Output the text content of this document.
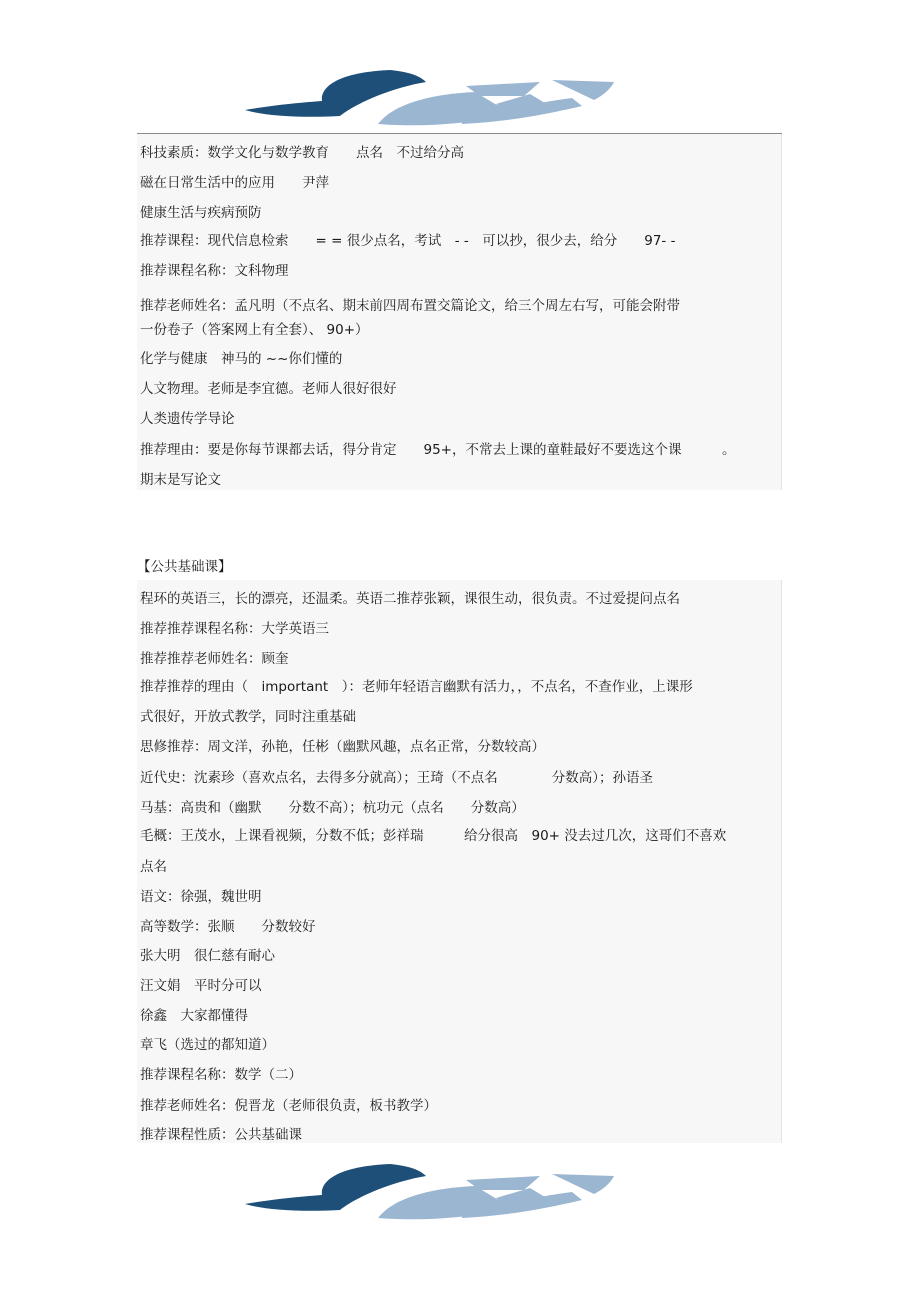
科技素质：数学文化与数学教育　　点名　不过给分高

磁在日常生活中的应用　　尹萍

健康生活与疾病预防

推荐课程：现代信息检索　　= = 很少点名，考试　- -　可以抄，很少去，给分　　97- -

推荐课程名称：文科物理

推荐老师姓名：孟凡明（不点名、期末前四周布置交篇论文，给三个周左右写，可能会附带

一份卷子（答案网上有全套）、 90+）

化学与健康　神马的 ~~你们懂的

人文物理。老师是李宜德。老师人很好很好

人类遗传学导论

推荐理由：要是你每节课都去话，得分肯定　　95+，不常去上课的童鞋最好不要选这个课　　　。

期末是写论文

【公共基础课】

程环的英语三，长的漂亮，还温柔。英语二推荐张颖，课很生动，很负责。不过爱提问点名

推荐推荐课程名称：大学英语三

推荐推荐老师姓名：顾奎

推荐推荐的理由（　important　）：老师年轻语言幽默有活力，，不点名，不查作业，上课形

式很好，开放式教学，同时注重基础

思修推荐：周文洋，孙艳，任彬（幽默风趣，点名正常，分数较高）

近代史：沈素珍（喜欢点名，去得多分就高）；王琦（不点名　　　　分数高）；孙语圣

马基：高贵和（幽默　　分数不高）；杭功元（点名　　分数高）

毛概：王茂水，上课看视频，分数不低；彭祥瑞　　　给分很高　90+ 没去过几次，这哥们不喜欢

点名

语文：徐强，魏世明

高等数学：张顺　　分数较好

张大明　很仁慈有耐心

汪文娟　平时分可以

徐鑫　大家都懂得

章飞（选过的都知道）

推荐课程名称：数学（二）

推荐老师姓名：倪晋龙（老师很负责，板书教学）

推荐课程性质：公共基础课
